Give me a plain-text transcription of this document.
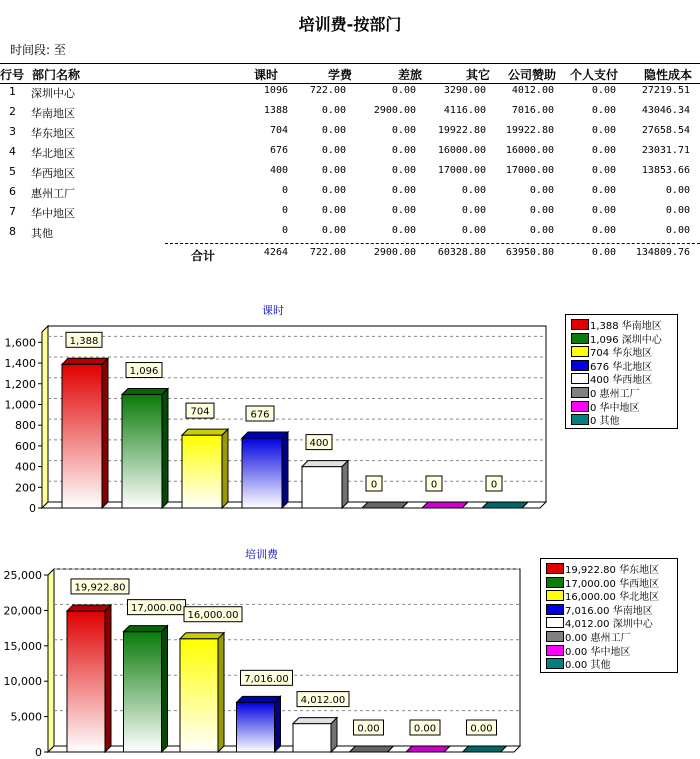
培训费-按部门
时间段: 至
行号 部门名称	课时	学费	差旅	其它 公司赞助 个人支付 隐性成本
1 深圳中心	1096	722.00	0.00	3290.00	4012.00	0.00	27219.51
2 华南地区	1388	0.00	2900.00	4116.00	7016.00	0.00	43046.34
3 华东地区	704	0.00	0.00	19922.80	19922.80	0.00	27658.54
4 华北地区	676	0.00	0.00	16000.00	16000.00	0.00	23031.71
5 华西地区	400	0.00	0.00	17000.00	17000.00	0.00	13853.66
6 惠州工厂	0	0.00	0.00	0.00	0.00	0.00	0.00
7 华中地区	0	0.00	0.00	0.00	0.00	0.00	0.00
8 其他	0	0.00	0.00	0.00	0.00	0.00	0.00
合计	4264	722.00	2900.00	60328.80	63950.80	0.00	134809.76
课时
0
200
400
600
800
1,000
1,200
1,400
1,600	1,388
1,096
704	676
400
0	0	0
1,388 华南地区
1,096 深圳中心
704 华东地区
676 华北地区
400 华西地区
0 惠州工厂
0 华中地区
0 其他
培训费
0
5,000
10,000
15,000
20,000
25,000
19,922.80
17,000.00
16,000.00
7,016.00
4,012.00
0.00	0.00	0.00
19,922.80 华东地区
17,000.00 华西地区
16,000.00 华北地区
7,016.00 华南地区
4,012.00 深圳中心
0.00 惠州工厂
0.00 华中地区
0.00 其他
